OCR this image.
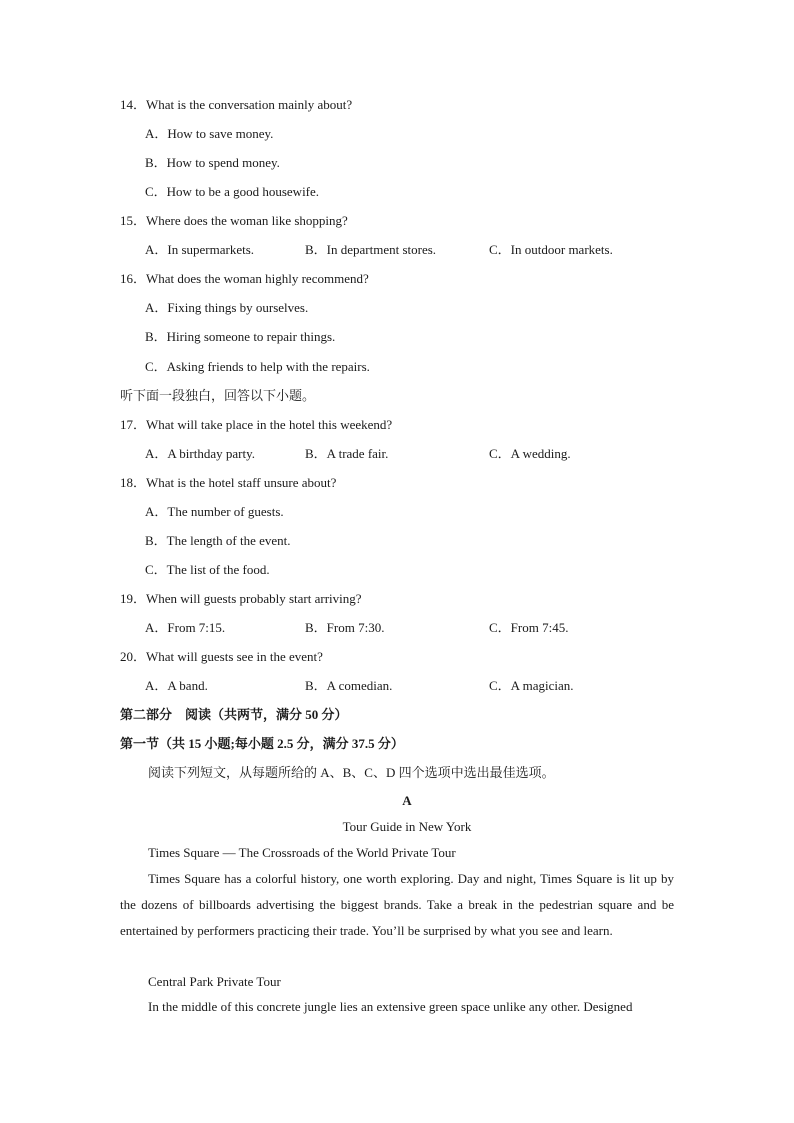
14．What is the conversation mainly about?
A．How to save money.
B．How to spend money.
C．How to be a good housewife.
15．Where does the woman like shopping?
A．In supermarkets.	B．In department stores.	C．In outdoor markets.
16．What does the woman highly recommend?
A．Fixing things by ourselves.
B．Hiring someone to repair things.
C．Asking friends to help with the repairs.
听下面一段独白，回答以下小题。
17．What will take place in the hotel this weekend?
A．A birthday party.	B．A trade fair.	C．A wedding.
18．What is the hotel staff unsure about?
A．The number of guests.
B．The length of the event.
C．The list of the food.
19．When will guests probably start arriving?
A．From 7:15.	B．From 7:30.	C．From 7:45.
20．What will guests see in the event?
A．A band.	B．A comedian.	C．A magician.
第二部分　阅读（共两节，满分 50 分）
第一节（共 15 小题;每小题 2.5 分，满分 37.5 分）
阅读下列短文，从每题所给的 A、B、C、D 四个选项中选出最佳选项。
A
Tour Guide in New York
Times Square — The Crossroads of the World Private Tour
Times Square has a colorful history, one worth exploring. Day and night, Times Square is lit up by the dozens of billboards advertising the biggest brands. Take a break in the pedestrian square and be entertained by performers practicing their trade. You’ll be surprised by what you see and learn.
Central Park Private Tour
In the middle of this concrete jungle lies an extensive green space unlike any other. Designed
